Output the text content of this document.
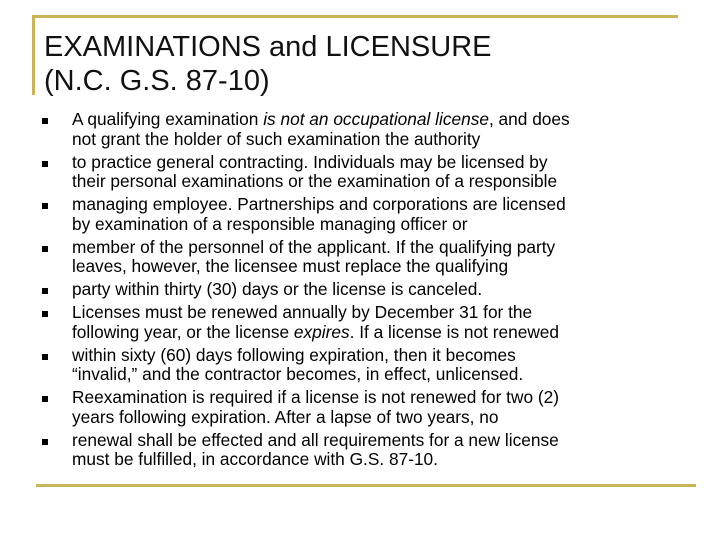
EXAMINATIONS and LICENSURE
(N.C. G.S. 87-10)
A qualifying examination is not an occupational license, and does
not grant the holder of such examination the authority
to practice general contracting. Individuals may be licensed by
their personal examinations or the examination of a responsible
managing employee. Partnerships and corporations are licensed
by examination of a responsible managing officer or
member of the personnel of the applicant. If the qualifying party
leaves, however, the licensee must replace the qualifying
party within thirty (30) days or the license is canceled.
Licenses must be renewed annually by December 31 for the
following year, or the license expires. If a license is not renewed
within sixty (60) days following expiration, then it becomes
“invalid,” and the contractor becomes, in effect, unlicensed.
Reexamination is required if a license is not renewed for two (2)
years following expiration. After a lapse of two years, no
renewal shall be effected and all requirements for a new license
must be fulfilled, in accordance with G.S. 87-10.
